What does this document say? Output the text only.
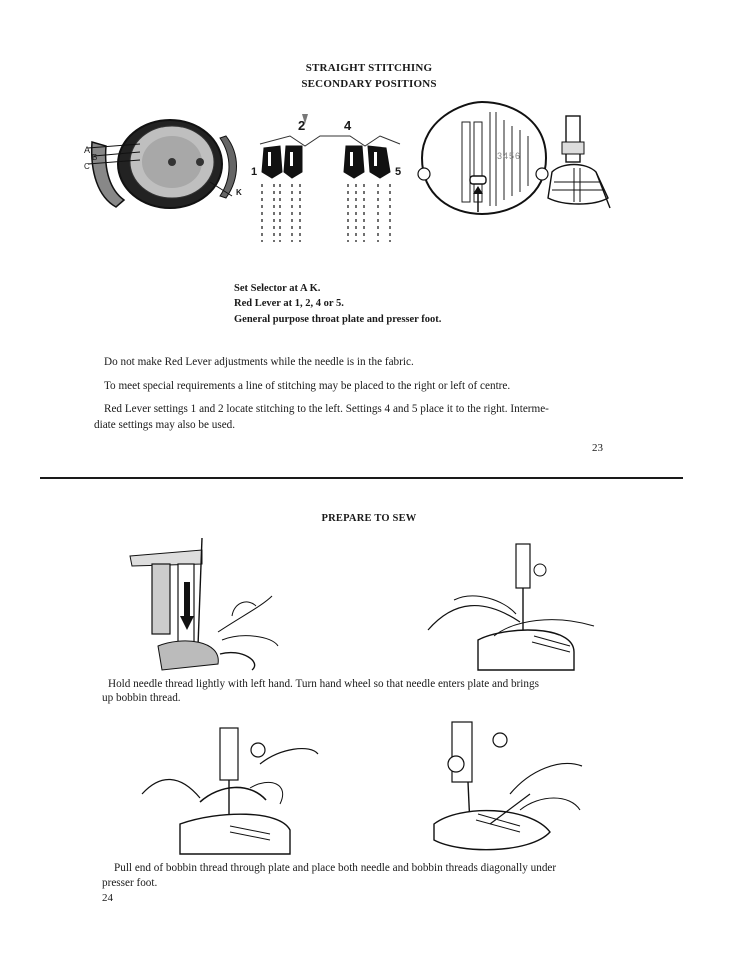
STRAIGHT STITCHING
SECONDARY POSITIONS
A
B
C
K
2	4
1	5
3456
Set Selector at A K.
Red Lever at 1, 2, 4 or 5.
General purpose throat plate and presser foot.
Do not make Red Lever adjustments while the needle is in the fabric.
To meet special requirements a line of stitching may be placed to the right or left of centre.
Red Lever settings 1 and 2 locate stitching to the left. Settings 4 and 5 place it to the right. Interme-
diate settings may also be used.
23
PREPARE TO SEW
Hold needle thread lightly with left hand. Turn hand wheel so that needle enters plate and brings
up bobbin thread.
Pull end of bobbin thread through plate and place both needle and bobbin threads diagonally under
presser foot.
24
